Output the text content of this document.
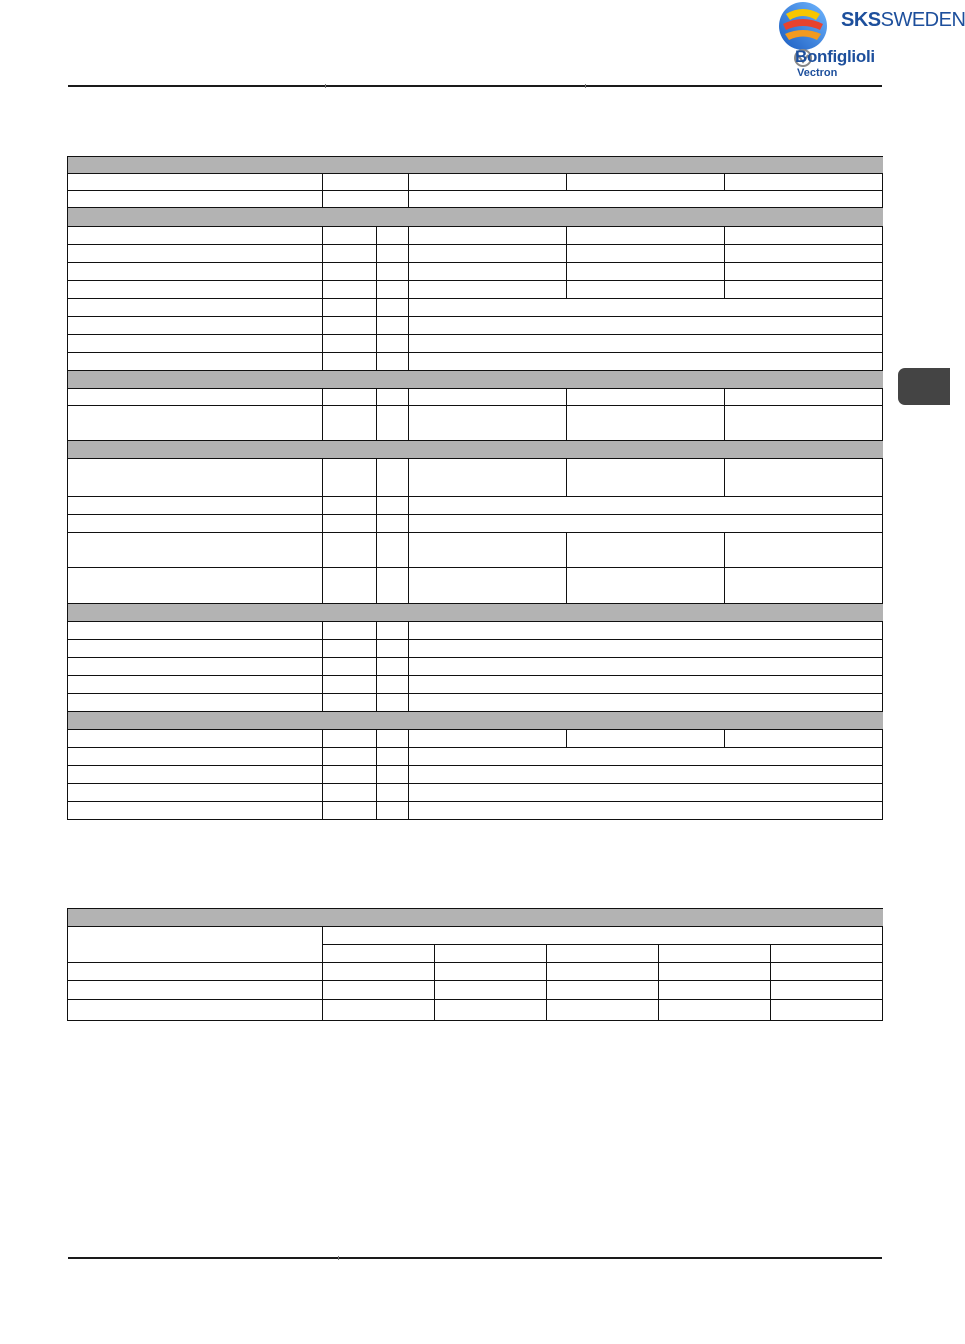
SKSSWEDEN
Bonfiglioli
Vectron
